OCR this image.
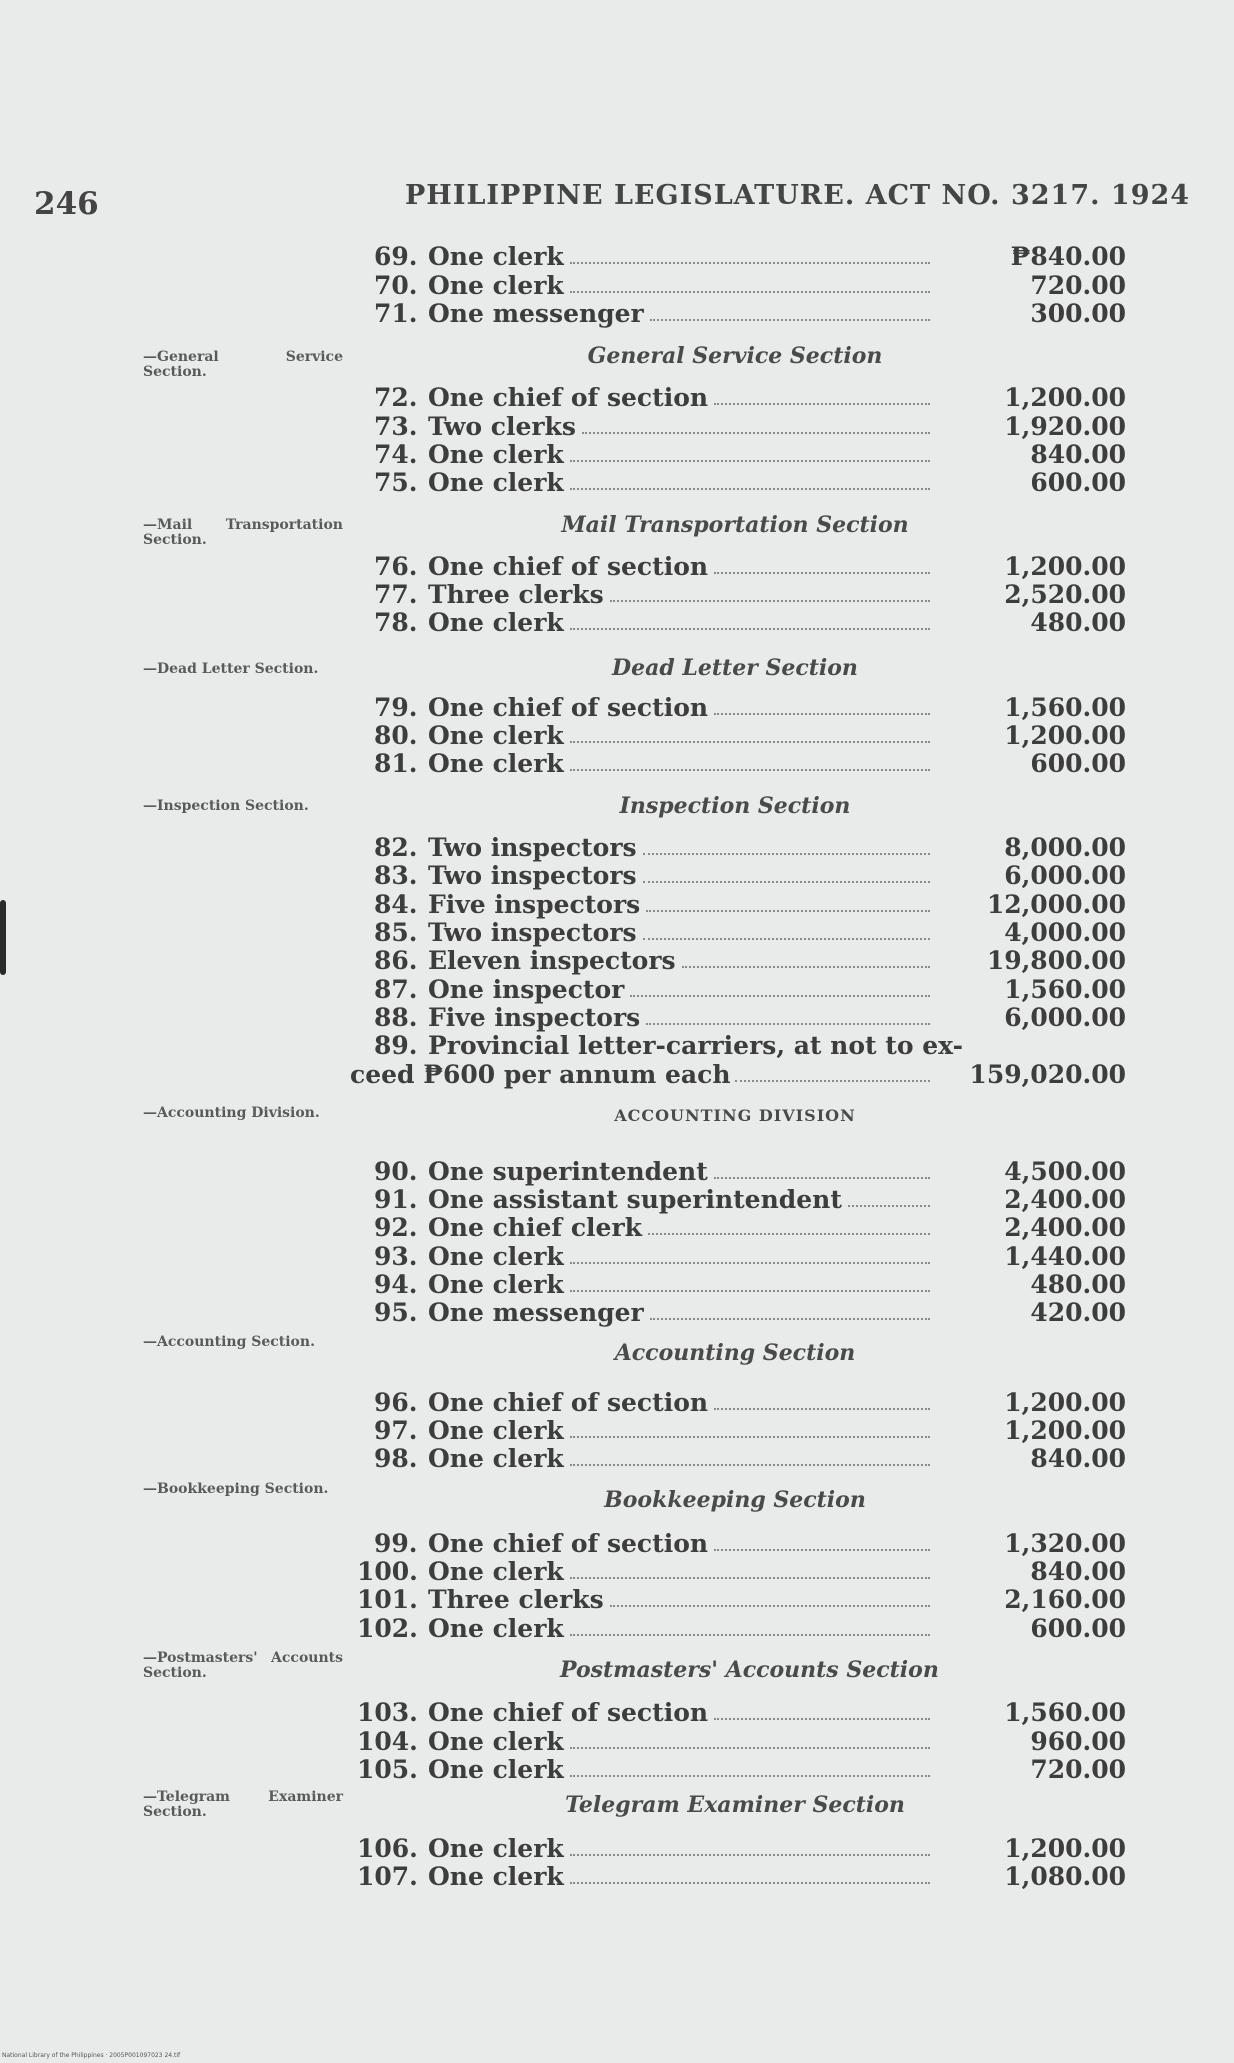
246	PHILIPPINE LEGISLATURE. ACT NO. 3217. 1924
General Service Section
—General Service Section.
Mail Transportation Section
—Mail Transportation Section.
Dead Letter Section
—Dead Letter Section.
Inspection Section
—Inspection Section.
ACCOUNTING DIVISION
—Accounting Division.
Accounting Section
—Accounting Section.
Bookkeeping Section
—Bookkeeping Section.
Postmasters' Accounts Section
—Postmasters' Accounts Section.
Telegram Examiner Section
—Telegram Examiner Section.
69. One clerk	₱840.00
70. One clerk	720.00
71. One messenger	300.00
72. One chief of section	1,200.00
73. Two clerks	1,920.00
74. One clerk	840.00
75. One clerk	600.00
76. One chief of section	1,200.00
77. Three clerks	2,520.00
78. One clerk	480.00
79. One chief of section	1,560.00
80. One clerk	1,200.00
81. One clerk	600.00
82. Two inspectors	8,000.00
83. Two inspectors	6,000.00
84. Five inspectors	12,000.00
85. Two inspectors	4,000.00
86. Eleven inspectors	19,800.00
87. One inspector	1,560.00
88. Five inspectors	6,000.00
89. Provincial letter-carriers, at not to ex-
ceed ₱600 per annum each	159,020.00
90. One superintendent	4,500.00
91. One assistant superintendent	2,400.00
92. One chief clerk	2,400.00
93. One clerk	1,440.00
94. One clerk	480.00
95. One messenger	420.00
96. One chief of section	1,200.00
97. One clerk	1,200.00
98. One clerk	840.00
99. One chief of section	1,320.00
100. One clerk	840.00
101. Three clerks	2,160.00
102. One clerk	600.00
103. One chief of section	1,560.00
104. One clerk	960.00
105. One clerk	720.00
106. One clerk	1,200.00
107. One clerk	1,080.00
National Library of the Philippines · 2005P001097023 24.tif
